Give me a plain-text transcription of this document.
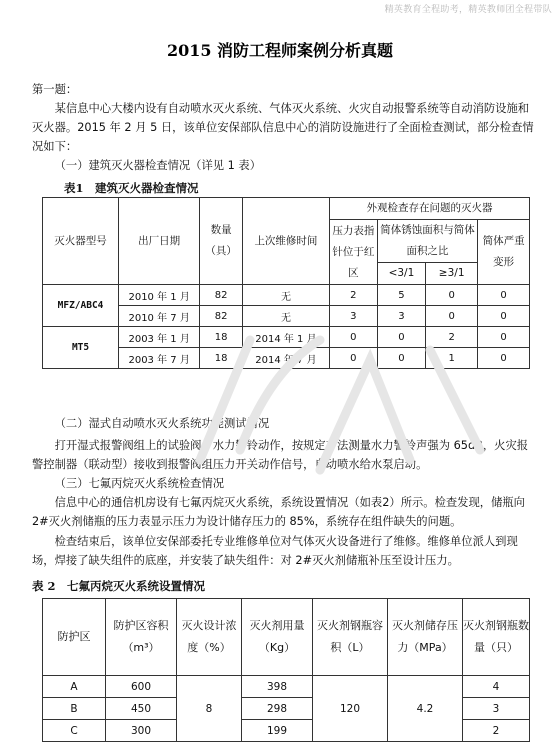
精英教育全程助考，精英教师团全程带队
2015 消防工程师案例分析真题
第一题：
某信息中心大楼内设有自动喷水灭火系统、气体灭火系统、火灾自动报警系统等自动消防设施和灭火器。2015 年 2 月 5 日，该单位安保部队信息中心的消防设施进行了全面检查测试，部分检查情况如下：
（一）建筑灭火器检查情况（详见 1 表）
表1　建筑灭火器检查情况
灭火器型号	出厂日期	数量（具）	上次维修时间	外观检查存在问题的灭火器			
				压力表指针位于红区	简体锈蚀面积与简体面积之比		简体严重变形
					<3/1	≥3/1	
MFZ/ABC4	2010 年 1 月	82	无	2	5	0	0
	2010 年 7 月	82	无	3	3	0	0
MT5	2003 年 1 月	18	2014 年 1 月	0	0	2	0
	2003 年 7 月	18	2014 年 7 月	0	0	1	0
（二）湿式自动喷水灭火系统功能测试情况
打开湿式报警阀组上的试验阀，水力警铃动作，按规定方法测量水力警铃声强为 65dB，火灾报警控制器（联动型）接收到报警阀组压力开关动作信号，自动喷水给水泵启动。
（三）七氟丙烷灭火系统检查情况
信息中心的通信机房设有七氟丙烷灭火系统，系统设置情况（如表2）所示。检查发现，储瓶向 2#灭火剂储瓶的压力表显示压力为设计储存压力的 85%，系统存在组件缺失的问题。
检查结束后，该单位安保部委托专业维修单位对气体灭火设备进行了维修。维修单位派人到现场，焊接了缺失组件的底座，并安装了缺失组件：对 2#灭火剂储瓶补压至设计压力。
表 2　七氟丙烷灭火系统设置情况
防护区	防护区容积（m³）	灭火设计浓度（%）	灭火剂用量（Kg）	灭火剂钢瓶容积（L）	灭火剂储存压力（MPa）	灭火剂钢瓶数量（只）
A	600	8	398	120	4.2	4
B	450		298			3
C	300		199			2
